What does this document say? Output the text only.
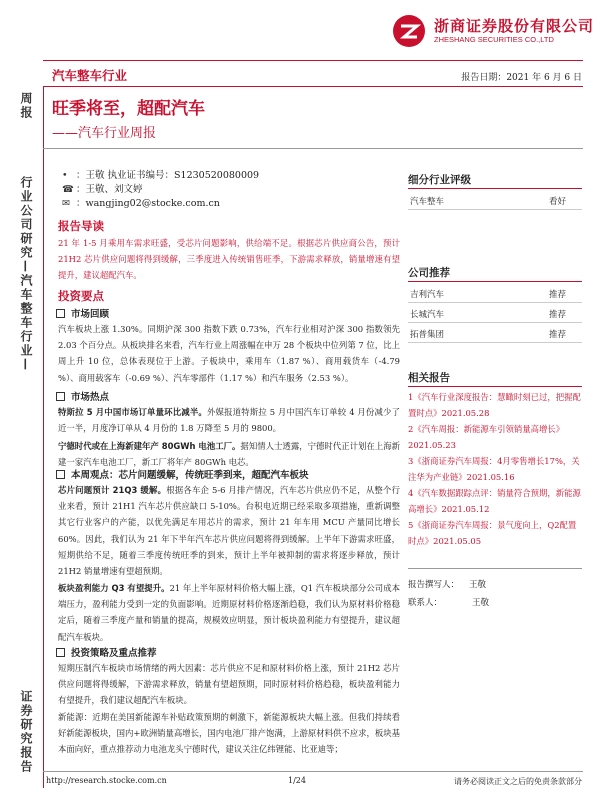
浙商证券股份有限公司
ZHESHANG SECURITIES CO.,LTD
汽车整车行业	报告日期：2021 年 6 月 6 日
周报
行业公司研究—汽车整车行业—
证券研究报告
旺季将至，超配汽车
——汽车行业周报
• ：王敬 执业证书编号：S1230520080009
☎ ：王敬、刘文婷
✉ ：wangjing02@stocke.com.cn
报告导读
21 年 1-5 月乘用车需求旺盛，受芯片问题影响，供给端不足。根据芯片供应商公告，预计 21H2 芯片供应问题将得到缓解，三季度进入传统销售旺季，下游需求释放，销量增速有望提升，建议超配汽车。
投资要点
市场回顾
汽车板块上涨 1.30%。同期沪深 300 指数下跌 0.73%，汽车行业相对沪深 300 指数领先 2.03 个百分点。从板块排名来看，汽车行业上周涨幅在申万 28 个板块中位列第 7 位，比上周上升 10 位，总体表现位于上游。子板块中，乘用车（1.87 %）、商用载货车（-4.79 %）、商用载客车（-0.69 %）、汽车零部件（1.17 %）和汽车服务（2.53 %）。
市场热点
特斯拉 5 月中国市场订单量环比减半。外媒报道特斯拉 5 月中国汽车订单较 4 月份减少了近一半，月度净订单从 4 月份的 1.8 万降至 5 月的 9800。
宁德时代或在上海新建年产 80GWh 电池工厂。据知情人士透露，宁德时代正计划在上海新建一家汽车电池工厂，新工厂将年产 80GWh 电芯。
本周观点：芯片问题缓解，传统旺季到来，超配汽车板块
芯片问题预计 21Q3 缓解。根据各车企 5-6 月排产情况，汽车芯片供应仍不足，从整个行业来看，预计 21H1 汽车芯片供应缺口 5-10%。台积电近期已经采取多项措施，重新调整其它行业客户的产能，以优先满足车用芯片的需求，预计 21 年车用 MCU 产量同比增长 60%。因此，我们认为 21 年下半年汽车芯片供应问题将得到缓解。上半年下游需求旺盛，短期供给不足，随着三季度传统旺季的到来，预计上半年被抑制的需求将逐步释放，预计 21H2 销量增速有望超预期。
板块盈利能力 Q3 有望提升。21 年上半年原材料价格大幅上涨，Q1 汽车板块部分公司成本端压力，盈利能力受到一定的负面影响。近期原材料价格逐渐趋稳，我们认为原材料价格稳定后，随着三季度产量和销量的提高，规模效应明显，预计板块盈利能力有望提升，建议超配汽车板块。
投资策略及重点推荐
短期压制汽车板块市场情绪的两大因素：芯片供应不足和原材料价格上涨，预计 21H2 芯片供应问题将得缓解，下游需求释放，销量有望超预期，同时原材料价格趋稳，板块盈利能力有望提升，我们建议超配汽车板块。
新能源：近期在美国新能源车补贴政策预期的刺激下，新能源板块大幅上涨。但我们持续看好新能源板块，国内+欧洲销量高增长，国内电池厂排产饱满，上游原材料供不应求，板块基本面向好，重点推荐动力电池龙头宁德时代，建议关注亿纬锂能、比亚迪等；
细分行业评级
汽车整车	看好
公司推荐
吉利汽车	推荐
长城汽车	推荐
拓普集团	推荐
相关报告
1《汽车行业深度报告：慧瞰时刻已过，把握配置时点》2021.05.28
2《汽车周报：新能源车引领销量高增长》2021.05.23
3《浙商证券汽车周报：4月零售增长17%，关注华为产业链》2021.05.16
4《汽车数据跟踪点评：销量符合预期，新能源高增长》2021.05.12
5《浙商证券汽车周报：景气度向上，Q2配置时点》2021.05.05
报告撰写人： 王敬
联系人：	王敬
http://research.stocke.com.cn	1/24	请务必阅读正文之后的免责条款部分
